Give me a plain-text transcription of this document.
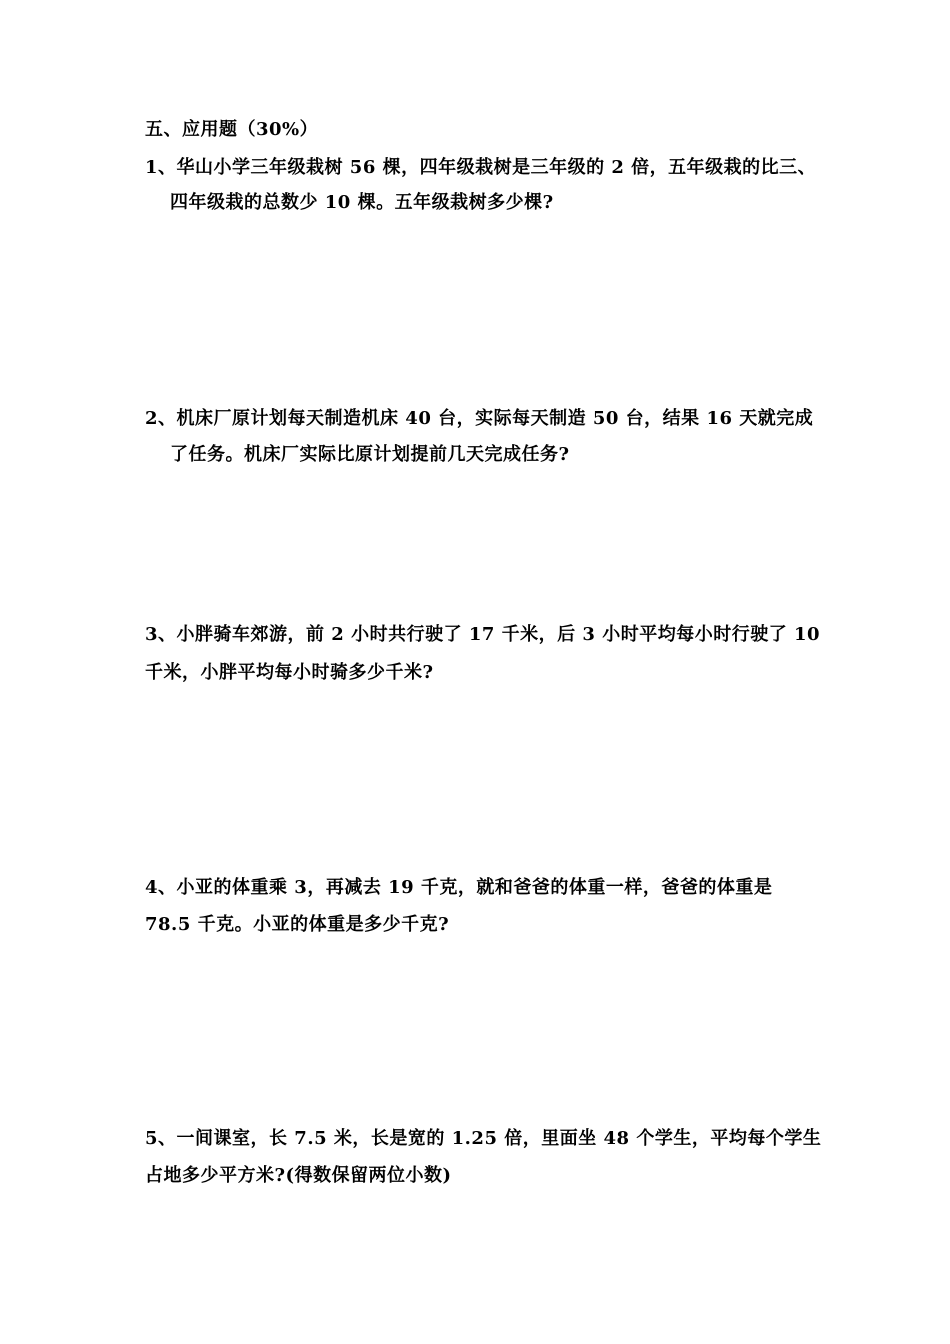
五、应用题（30%）
1、华山小学三年级栽树 56 棵，四年级栽树是三年级的 2 倍，五年级栽的比三、
四年级栽的总数少 10 棵。五年级栽树多少棵?
2、机床厂原计划每天制造机床 40 台，实际每天制造 50 台，结果 16 天就完成
了任务。机床厂实际比原计划提前几天完成任务?
3、小胖骑车郊游，前 2 小时共行驶了 17 千米，后 3 小时平均每小时行驶了 10
千米，小胖平均每小时骑多少千米?
4、小亚的体重乘 3，再减去 19 千克，就和爸爸的体重一样，爸爸的体重是
78.5 千克。小亚的体重是多少千克?
5、一间课室，长 7.5 米，长是宽的 1.25 倍，里面坐 48 个学生，平均每个学生
占地多少平方米?(得数保留两位小数)
